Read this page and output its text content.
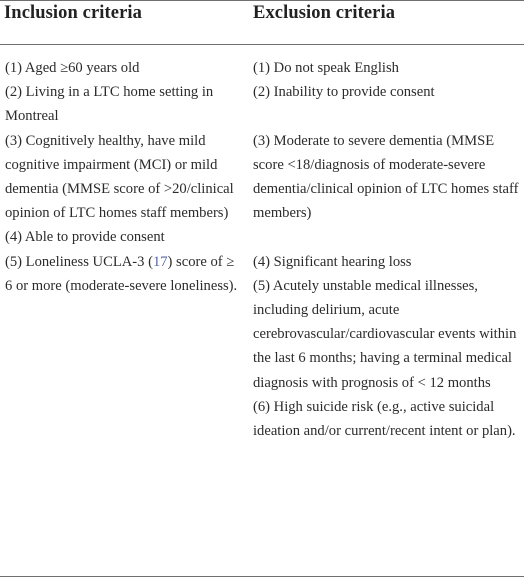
Inclusion criteria	Exclusion criteria

(1) Aged ≥60 years old

(2) Living in a LTC home setting in Montreal

(3) Cognitively healthy, have mild cognitive impairment (MCI) or mild dementia (MMSE score of >20/clinical opinion of LTC homes staff members)

(4) Able to provide consent

(5) Loneliness UCLA-3 (17) score of ≥ 6 or more (moderate-severe loneliness).

(1) Do not speak English

(2) Inability to provide consent

(3) Moderate to severe dementia (MMSE score <18/diagnosis of moderate-severe dementia/clinical opinion of LTC homes staff members)

(4) Significant hearing loss

(5) Acutely unstable medical illnesses, including delirium, acute cerebrovascular/cardiovascular events within the last 6 months; having a terminal medical diagnosis with prognosis of < 12 months

(6) High suicide risk (e.g., active suicidal ideation and/or current/recent intent or plan).
